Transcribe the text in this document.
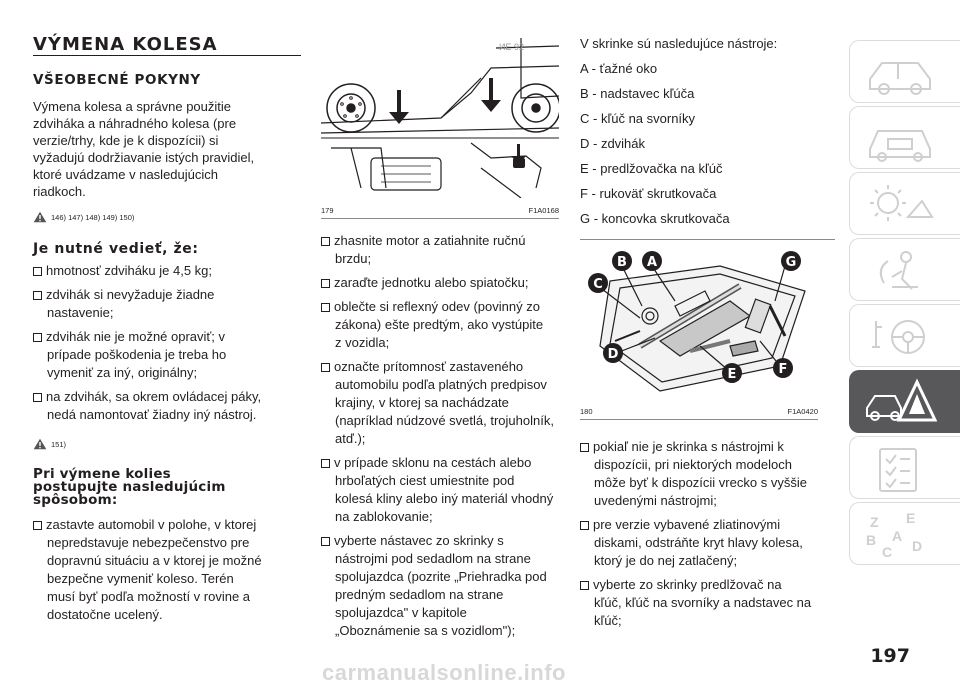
VÝMENA KOLESA
VŠEOBECNÉ POKYNY
Výmena kolesa a správne použitie
zdviháka a náhradného kolesa (pre
verzie/trhy, kde je k dispozícii) si
vyžadujú dodržiavanie istých pravidiel,
ktoré uvádzame v nasledujúcich
riadkoch.
146) 147) 148) 149) 150)
Je nutné vedieť, že:
hmotnosť zdviháku je 4,5 kg;
zdvihák si nevyžaduje žiadne
nastavenie;
zdvihák nie je možné opraviť; v
prípade poškodenia je treba ho
vymeniť za iný, originálny;
na zdvihák, sa okrem ovládacej páky,
nedá namontovať žiadny iný nástroj.
151)
Pri výmene kolies
postupujte nasledujúcim
spôsobom:
zastavte automobil v polohe, v ktorej
nepredstavuje nebezpečenstvo pre
dopravnú situáciu a v ktorej je možné
bezpečne vymeniť koleso. Terén
musí byť podľa možností v rovine a
dostatočne ucelený.
ИЕ 92
179	F1A0168
zhasnite motor a zatiahnite ručnú
brzdu;
zaraďte jednotku alebo spiatočku;
oblečte si reflexný odev (povinný zo
zákona) ešte predtým, ako vystúpite
z vozidla;
označte prítomnosť zastaveného
automobilu podľa platných predpisov
krajiny, v ktorej sa nachádzate
(napríklad núdzové svetlá, trojuholník,
atď.);
v prípade sklonu na cestách alebo
hrboľatých ciest umiestnite pod
kolesá kliny alebo iný materiál vhodný
na zablokovanie;
vyberte nástavec zo skrinky s
nástrojmi pod sedadlom na strane
spolujazdca (pozrite „Priehradka pod
predným sedadlom na strane
spolujazdca" v kapitole
„Oboznámenie sa s vozidlom");
V skrinke sú nasledujúce nástroje:
A - ťažné oko
B - nadstavec kľúča
C - kľúč na svorníky
D - zdvihák
E - predlžovačka na kľúč
F - rukoväť skrutkovača
G - koncovka skrutkovača
B A	G
C
D
E	F
180	F1A0420
pokiaľ nie je skrinka s nástrojmi k
dispozícii, pri niektorých modeloch
môže byť k dispozícii vrecko s vyššie
uvedenými nástrojmi;
pre verzie vybavené zliatinovými
diskami, odstráňte kryt hlavy kolesa,
ktorý je do nej zatlačený;
vyberte zo skrinky predlžovač na
kľúč, kľúč na svorníky a nadstavec na
kľúč;
Z E
B A
C D
197
carmanualsonline.info
